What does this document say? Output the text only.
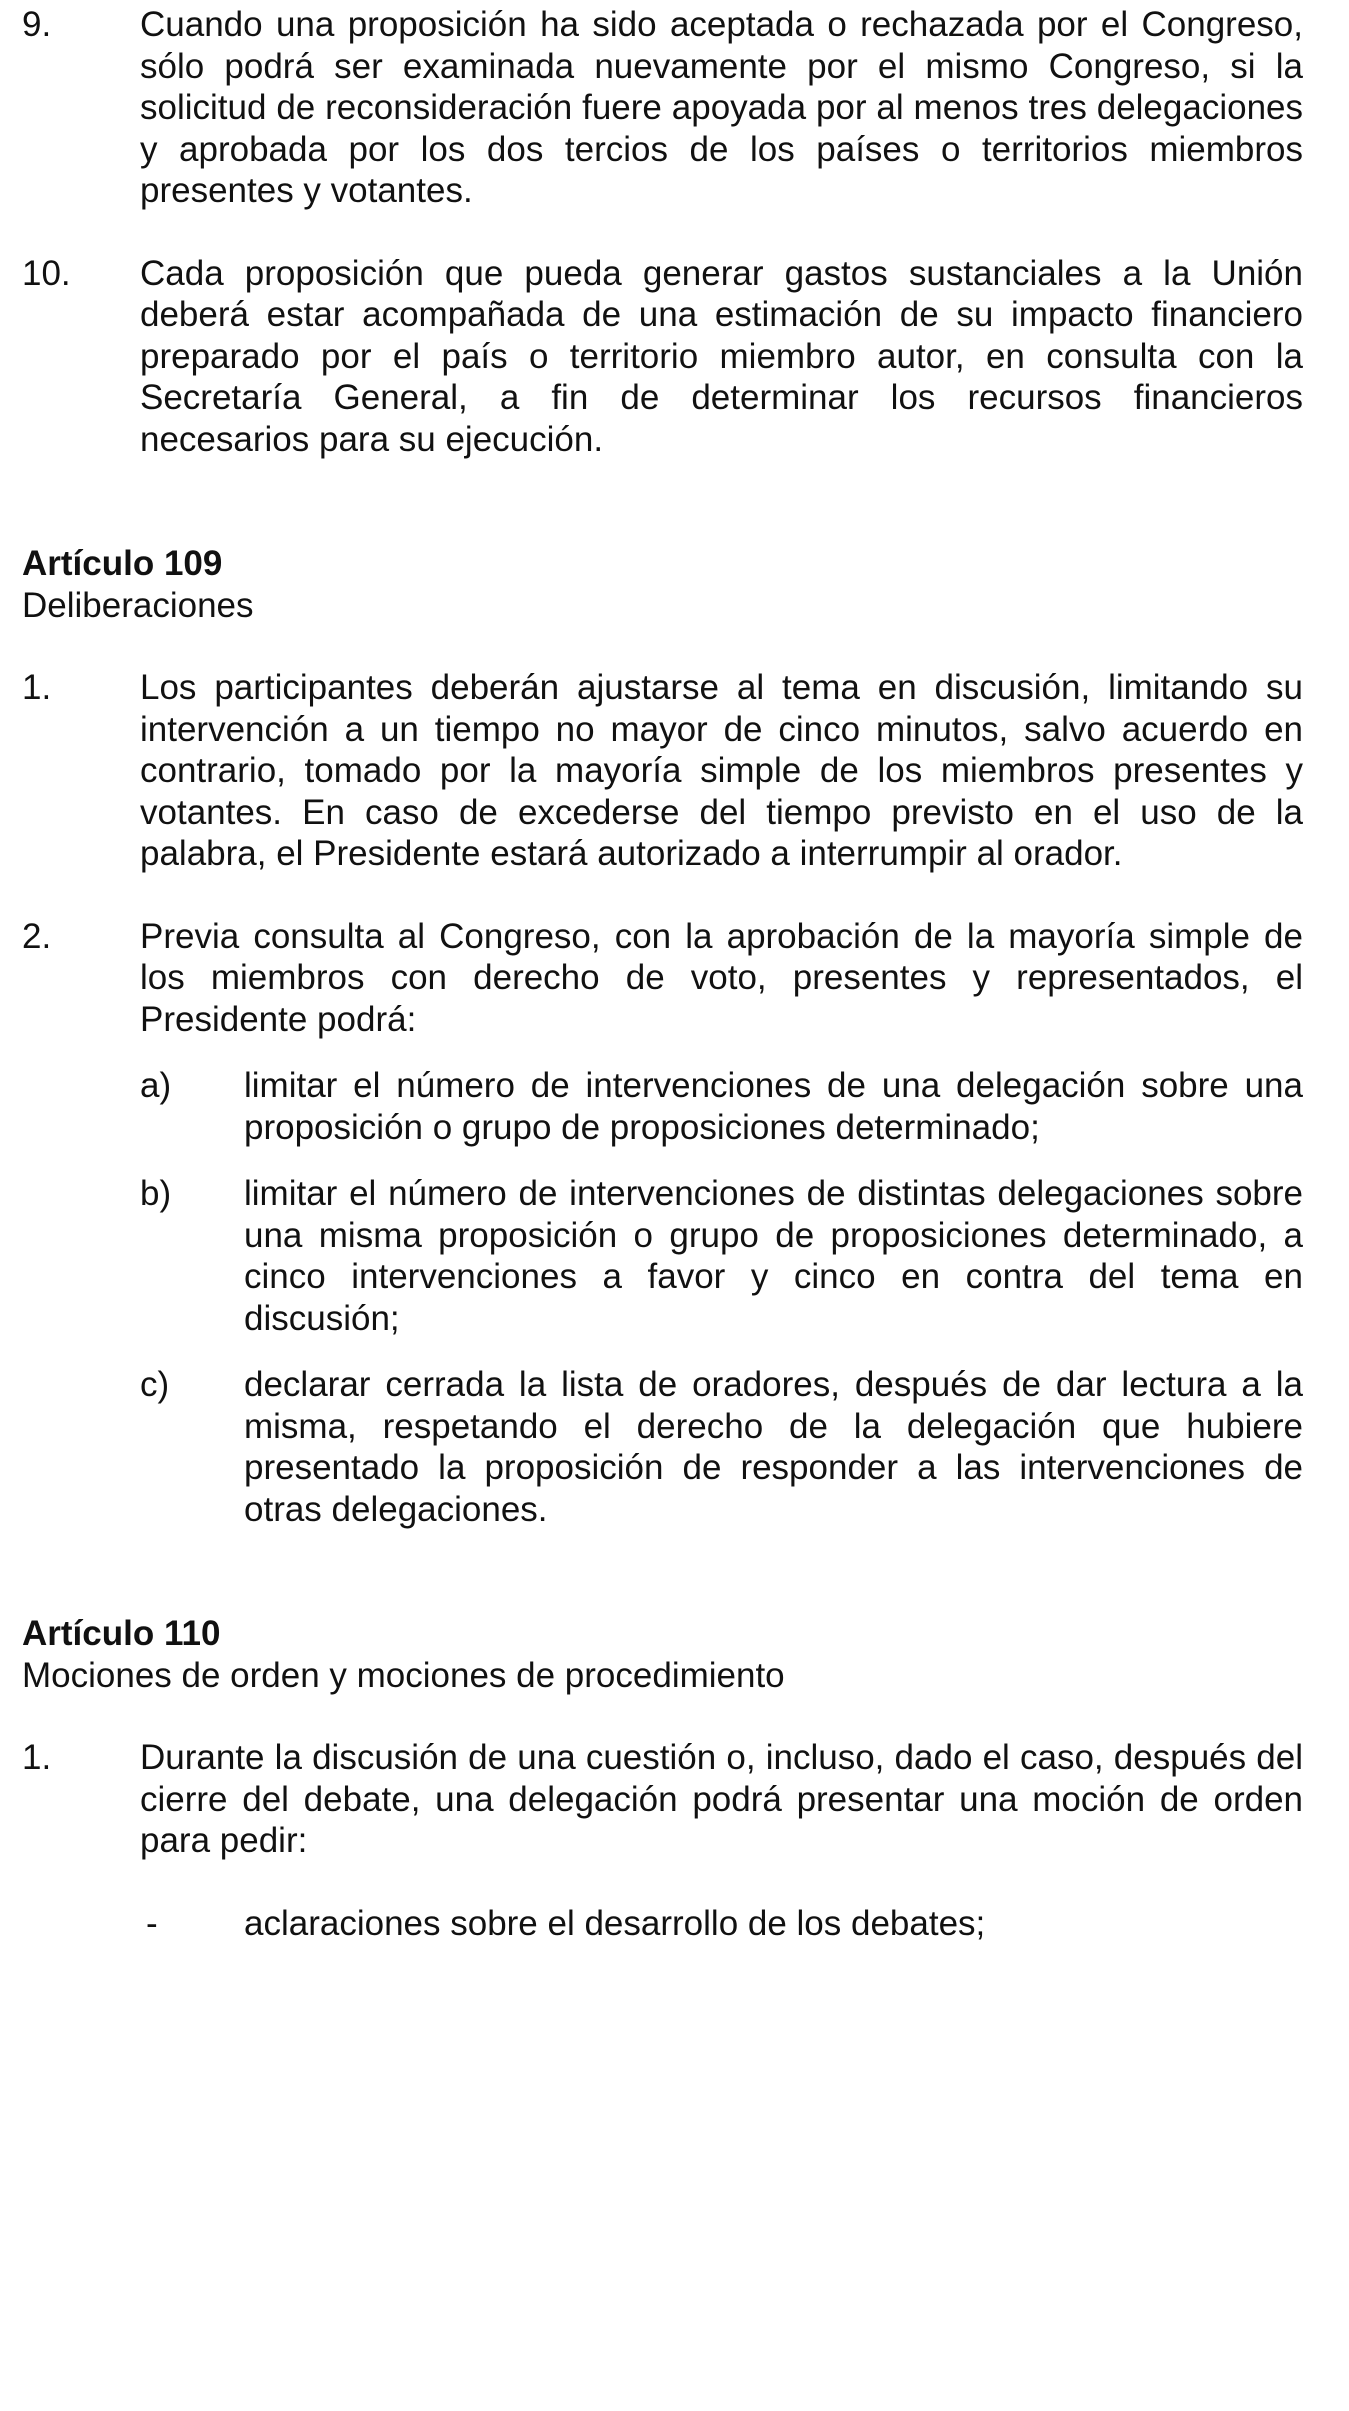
9.	Cuando una proposición ha sido aceptada o rechazada por el Congreso, sólo podrá ser examinada nuevamente por el mismo Congreso, si la solicitud de reconsideración fuere apoyada por al menos tres delegaciones y aprobada por los dos tercios de los países o territorios miembros presentes y votantes.
10.	Cada proposición que pueda generar gastos sustanciales a la Unión deberá estar acompañada de una estimación de su impacto financiero preparado por el país o territorio miembro autor, en consulta con la Secretaría General, a fin de determinar los recursos financieros necesarios para su ejecución.
Artículo 109
Deliberaciones
1.	Los participantes deberán ajustarse al tema en discusión, limitando su intervención a un tiempo no mayor de cinco minutos, salvo acuerdo en contrario, tomado por la mayoría simple de los miembros presentes y votantes. En caso de excederse del tiempo previsto en el uso de la palabra, el Presidente estará autorizado a interrumpir al orador.
2.	Previa consulta al Congreso, con la aprobación de la mayoría simple de los miembros con derecho de voto, presentes y representados, el Presidente podrá:
a)	limitar el número de intervenciones de una delegación sobre una proposición o grupo de proposiciones determinado;
b)	limitar el número de intervenciones de distintas delegaciones sobre una misma proposición o grupo de proposiciones determinado, a cinco intervenciones a favor y cinco en contra del tema en discusión;
c)	declarar cerrada la lista de oradores, después de dar lectura a la misma, respetando el derecho de la delegación que hubiere presentado la proposición de responder a las intervenciones de otras delegaciones.
Artículo 110
Mociones de orden y mociones de procedimiento
1.	Durante la discusión de una cuestión o, incluso, dado el caso, después del cierre del debate, una delegación podrá presentar una moción de orden para pedir:
-	aclaraciones sobre el desarrollo de los debates;
